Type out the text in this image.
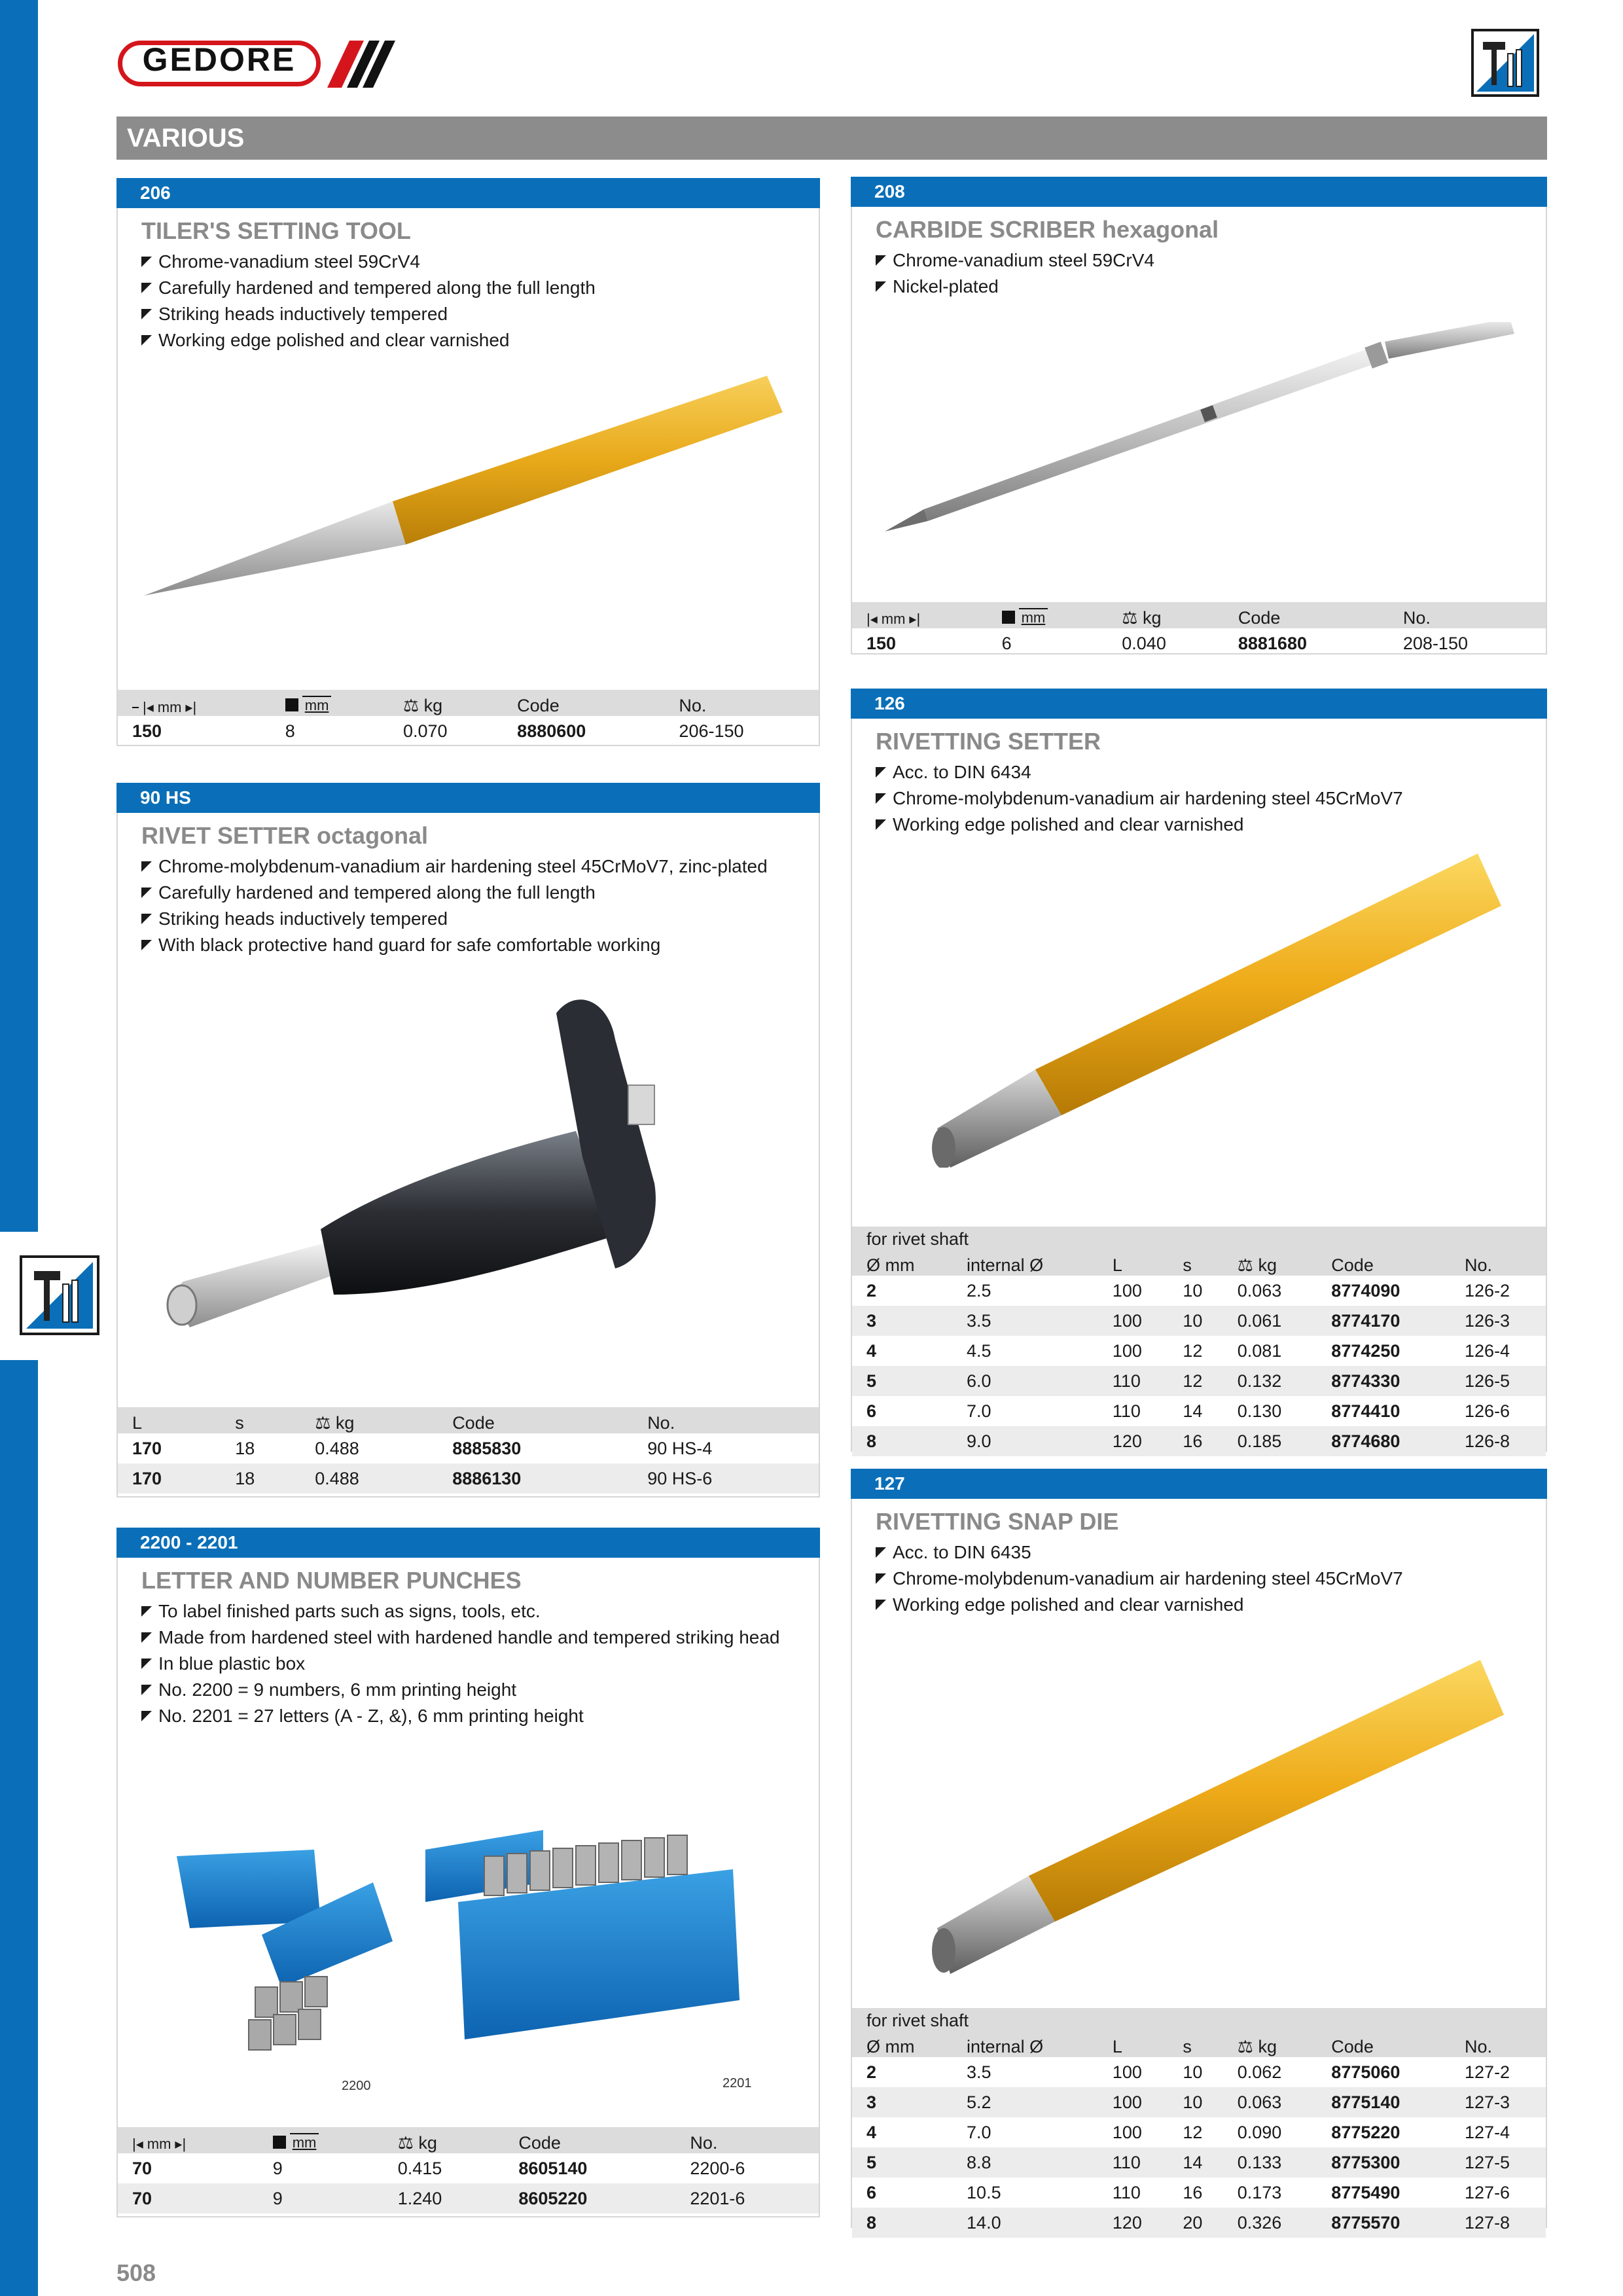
GEDORE
VARIOUS
206
TILER'S SETTING TOOL
Chrome-vanadium steel 59CrV4
Carefully hardened and tempered along the full length
Striking heads inductively tempered
Working edge polished and clear varnished
|◂ mm ▸|	mm	⚖ kg	Code	No.
150	8	0.070	8880600	206-150
208
CARBIDE SCRIBER hexagonal
Chrome-vanadium steel 59CrV4
Nickel-plated
|◂ mm ▸|	mm	⚖ kg	Code	No.
150	6	0.040	8881680	208-150
90 HS
RIVET SETTER octagonal
Chrome-molybdenum-vanadium air hardening steel 45CrMoV7, zinc-plated
Carefully hardened and tempered along the full length
Striking heads inductively tempered
With black protective hand guard for safe comfortable working
L	s	⚖ kg	Code	No.
170	18	0.488	8885830	90 HS-4
170	18	0.488	8886130	90 HS-6
126
RIVETTING SETTER
Acc. to DIN 6434
Chrome-molybdenum-vanadium air hardening steel 45CrMoV7
Working edge polished and clear varnished
for rivet shaft						
Ø mm	internal Ø	L	s	⚖ kg	Code	No.
2	2.5	100	10	0.063	8774090	126-2
3	3.5	100	10	0.061	8774170	126-3
4	4.5	100	12	0.081	8774250	126-4
5	6.0	110	12	0.132	8774330	126-5
6	7.0	110	14	0.130	8774410	126-6
8	9.0	120	16	0.185	8774680	126-8
2200 - 2201
LETTER AND NUMBER PUNCHES
To label finished parts such as signs, tools, etc.
Made from hardened steel with hardened handle and tempered striking head
In blue plastic box
No. 2200 = 9 numbers, 6 mm printing height
No. 2201 = 27 letters (A - Z, &), 6 mm printing height
2200	2201
|◂ mm ▸|	mm	⚖ kg	Code	No.
70	9	0.415	8605140	2200-6
70	9	1.240	8605220	2201-6
127
RIVETTING SNAP DIE
Acc. to DIN 6435
Chrome-molybdenum-vanadium air hardening steel 45CrMoV7
Working edge polished and clear varnished
for rivet shaft						
Ø mm	internal Ø	L	s	⚖ kg	Code	No.
2	3.5	100	10	0.062	8775060	127-2
3	5.2	100	10	0.063	8775140	127-3
4	7.0	100	12	0.090	8775220	127-4
5	8.8	110	14	0.133	8775300	127-5
6	10.5	110	16	0.173	8775490	127-6
8	14.0	120	20	0.326	8775570	127-8
508
